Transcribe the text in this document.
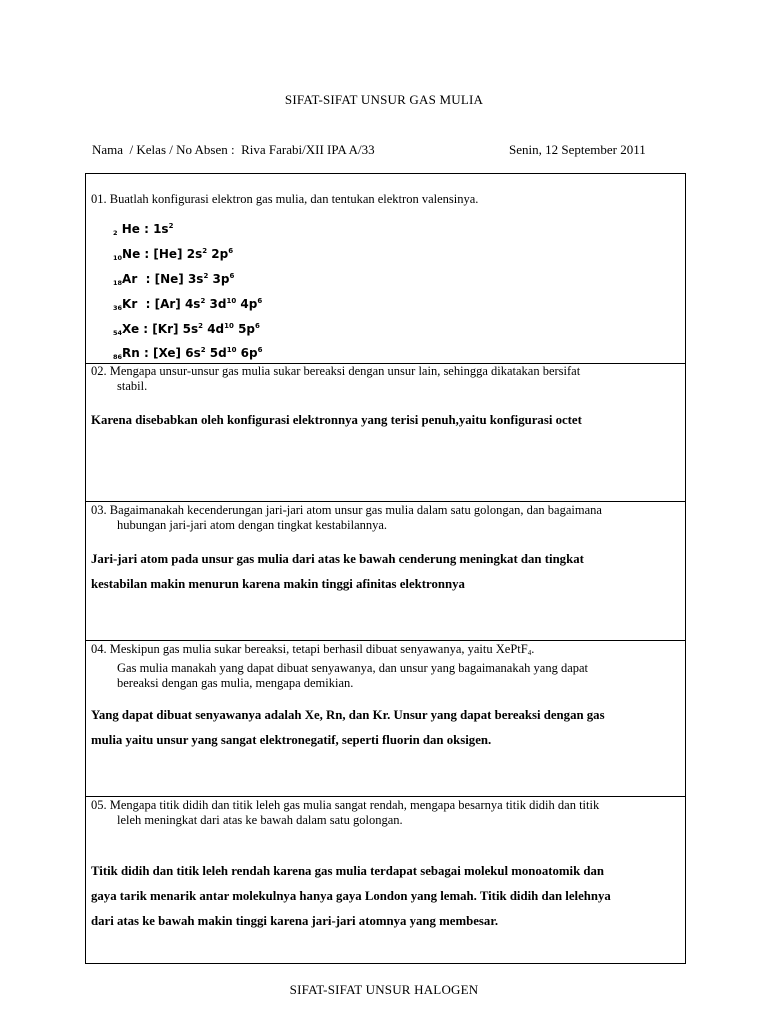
SIFAT-SIFAT UNSUR GAS MULIA
Nama  / Kelas / No Absen :  Riva Farabi/XII IPA A/33	Senin, 12 September 2011
01. Buatlah konfigurasi elektron gas mulia, dan tentukan elektron valensinya.
2 He : $1s^2$
10Ne : [He] $2s^2$ $2p^6$
18Ar  : [Ne] $3s^2$ $3p^6$
36Kr  : [Ar] $4s^2$ $3d^{10}$ $4p^6$
54Xe : [Kr] $5s^2$ $4d^{10}$ $5p^6$
86Rn : [Xe] $6s^2$ $5d^{10}$ $6p^6$
02. Mengapa unsur-unsur gas mulia sukar bereaksi dengan unsur lain, sehingga dikatakan bersifat
stabil.
Karena disebabkan oleh konfigurasi elektronnya yang terisi penuh,yaitu konfigurasi octet
03. Bagaimanakah kecenderungan jari-jari atom unsur gas mulia dalam satu golongan, dan bagaimana
hubungan jari-jari atom dengan tingkat kestabilannya.
Jari-jari atom pada unsur gas mulia dari atas ke bawah cenderung meningkat dan tingkat
kestabilan makin menurun karena makin tinggi afinitas elektronnya
04. Meskipun gas mulia sukar bereaksi, tetapi berhasil dibuat senyawanya, yaitu XePtF4.
Gas mulia manakah yang dapat dibuat senyawanya, dan unsur yang bagaimanakah yang dapat
bereaksi dengan gas mulia, mengapa demikian.
Yang dapat dibuat senyawanya adalah Xe, Rn, dan Kr. Unsur yang dapat bereaksi dengan gas
mulia yaitu unsur yang sangat elektronegatif, seperti fluorin dan oksigen.
05. Mengapa titik didih dan titik leleh gas mulia sangat rendah, mengapa besarnya titik didih dan titik
leleh meningkat dari atas ke bawah dalam satu golongan.
Titik didih dan titik leleh rendah karena gas mulia terdapat sebagai molekul monoatomik dan
gaya tarik menarik antar molekulnya hanya gaya London yang lemah. Titik didih dan lelehnya
dari atas ke bawah makin tinggi karena jari-jari atomnya yang membesar.
SIFAT-SIFAT UNSUR HALOGEN
